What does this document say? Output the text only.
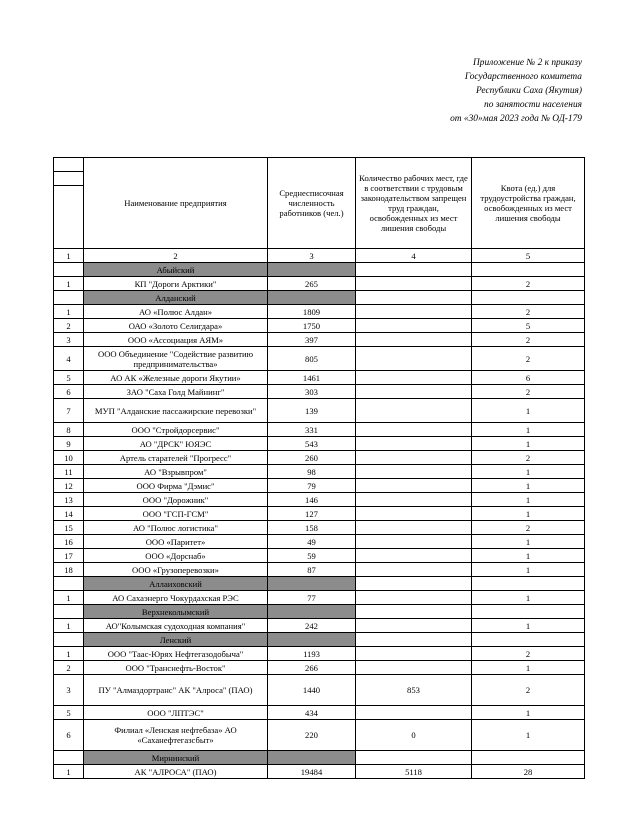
Приложение № 2 к приказу
Государственного комитета
Республики Саха (Якутия)
по занятости населения
от «30»мая 2023 года № ОД-179
	Наименование предприятия	Среднесписочная численность работников (чел.)	Количество рабочих мест, где в соответствии с трудовым законодательством запрещен труд граждан, освобожденных из мест лишения свободы	Квота (ед.) для трудоустройства граждан, освобожденных из мест лишения свободы

1	2	3	4	5
	Абыйский			
1	КП "Дороги Арктики"	265		2
	Алданский			
1	АО «Полюс Алдан»	1809		2
2	ОАО «Золото Селигдара»	1750		5
3	ООО «Ассоциация АЯМ»	397		2
4	ООО Объединение "Содействие развитию предпринимательства»	805		2
5	АО АК «Железные дороги Якутии»	1461		6
6	ЗАО "Саха Голд Майнинг"	303		2
7	МУП "Алданские пассажирские перевозки"	139		1
8	ООО "Стройдорсервис"	331		1
9	АО "ДРСК" ЮЯЭС	543		1
10	Артель старателей "Прогресс"	260		2
11	АО "Взрывпром"	98		1
12	ООО Фирма "Дэмис"	79		1
13	ООО "Дорожник"	146		1
14	ООО "ГСП-ГСМ"	127		1
15	АО "Полюс логистика"	158		2
16	ООО «Паритет»	49		1
17	ООО «Дорснаб»	59		1
18	ООО «Грузоперевозки»	87		1
	Аллаиховский			
1	АО Сахаэнерго Чокурдахская РЭС	77		1
	Верхнеколымский			
1	АО"Колымская судоходная компания"	242		1
	Ленский			
1	ООО "Таас-Юрях Нефтегазодобыча"	1193		2
2	ООО "Транснефть-Восток"	266		1
3	ПУ "Алмаздортранс" АК "Алроса" (ПАО)	1440	853	2
5	ООО "ЛПТЭС"	434		1
6	Филиал «Ленская нефтебаза» АО «Саханефтегазсбыт»	220	0	1
	Мирнинский			
1	АК "АЛРОСА" (ПАО)	19484	5118	28
